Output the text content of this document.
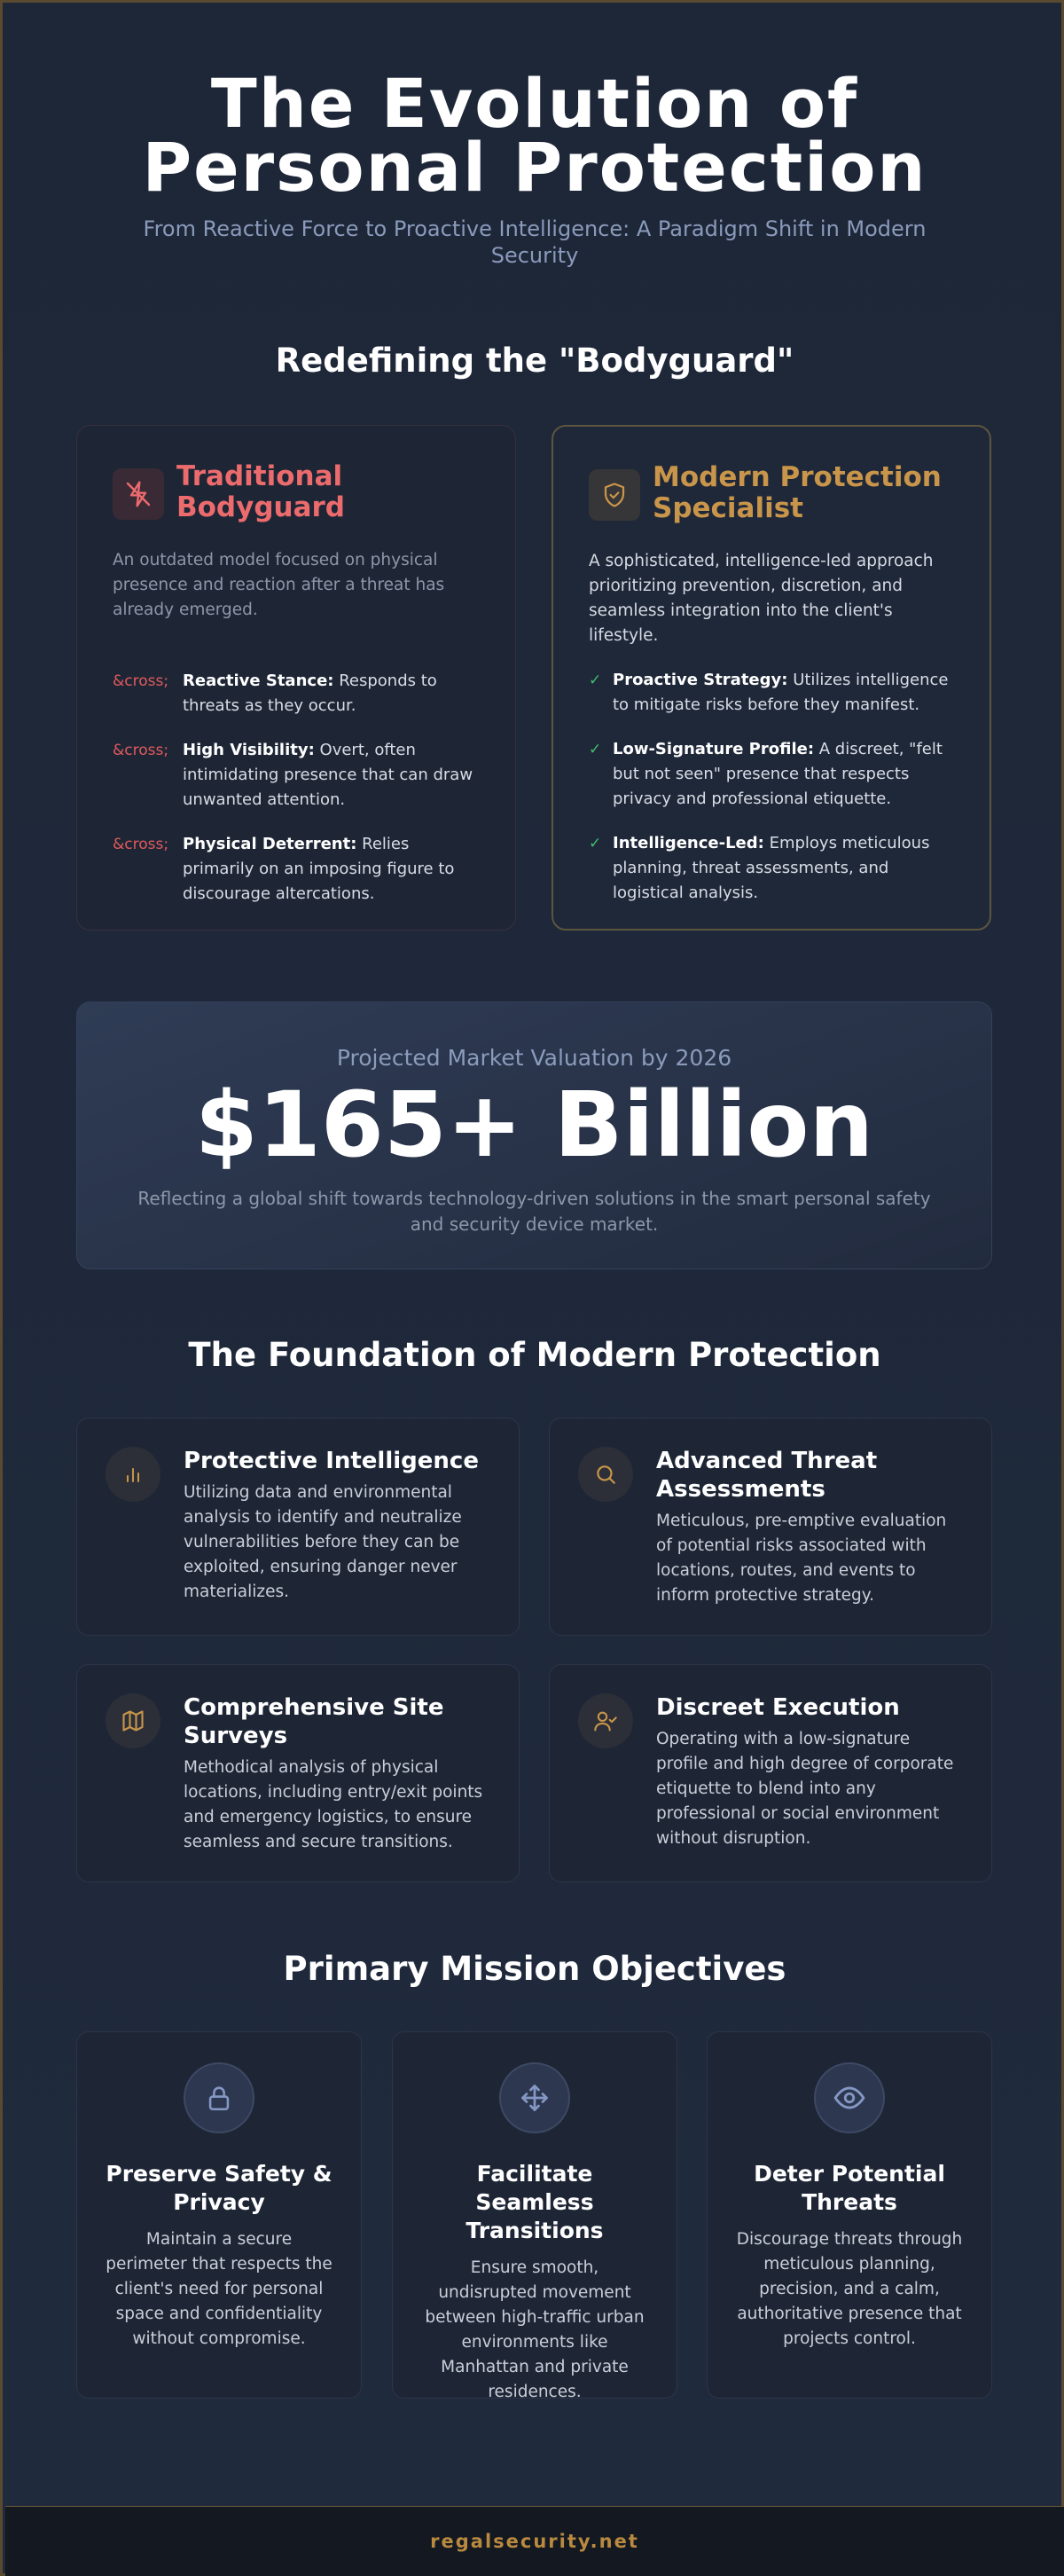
The Evolution of
Personal Protection

From Reactive Force to Proactive Intelligence: A Paradigm Shift in Modern Security

Redefining the "Bodyguard"
Traditional Bodyguard

An outdated model focused on physical presence and reaction after a threat has already emerged.

&cross; Reactive Stance: Responds to threats as they occur.
&cross; High Visibility: Overt, often intimidating presence that can draw unwanted attention.
&cross; Physical Deterrent: Relies primarily on an imposing figure to discourage altercations.
Modern Protection Specialist

A sophisticated, intelligence-led approach prioritizing prevention, discretion, and seamless integration into the client's lifestyle.

✓ Proactive Strategy: Utilizes intelligence to mitigate risks before they manifest.
✓ Low-Signature Profile: A discreet, "felt but not seen" presence that respects privacy and professional etiquette.
✓ Intelligence-Led: Employs meticulous planning, threat assessments, and logistical analysis.
Projected Market Valuation by 2026
$165+ Billion

Reflecting a global shift towards technology-driven solutions in the smart personal safety and security device market.

The Foundation of Modern Protection
Protective Intelligence

Utilizing data and environmental analysis to identify and neutralize vulnerabilities before they can be exploited, ensuring danger never materializes.

Advanced Threat Assessments

Meticulous, pre-emptive evaluation of potential risks associated with locations, routes, and events to inform protective strategy.

Comprehensive Site Surveys

Methodical analysis of physical locations, including entry/exit points and emergency logistics, to ensure seamless and secure transitions.

Discreet Execution

Operating with a low-signature profile and high degree of corporate etiquette to blend into any professional or social environment without disruption.

Primary Mission Objectives
Preserve Safety & Privacy

Maintain a secure perimeter that respects the client's need for personal space and confidentiality without compromise.

Facilitate Seamless Transitions

Ensure smooth, undisrupted movement between high-traffic urban environments like Manhattan and private residences.

Deter Potential Threats

Discourage threats through meticulous planning, precision, and a calm, authoritative presence that projects control.

regalsecurity.net
